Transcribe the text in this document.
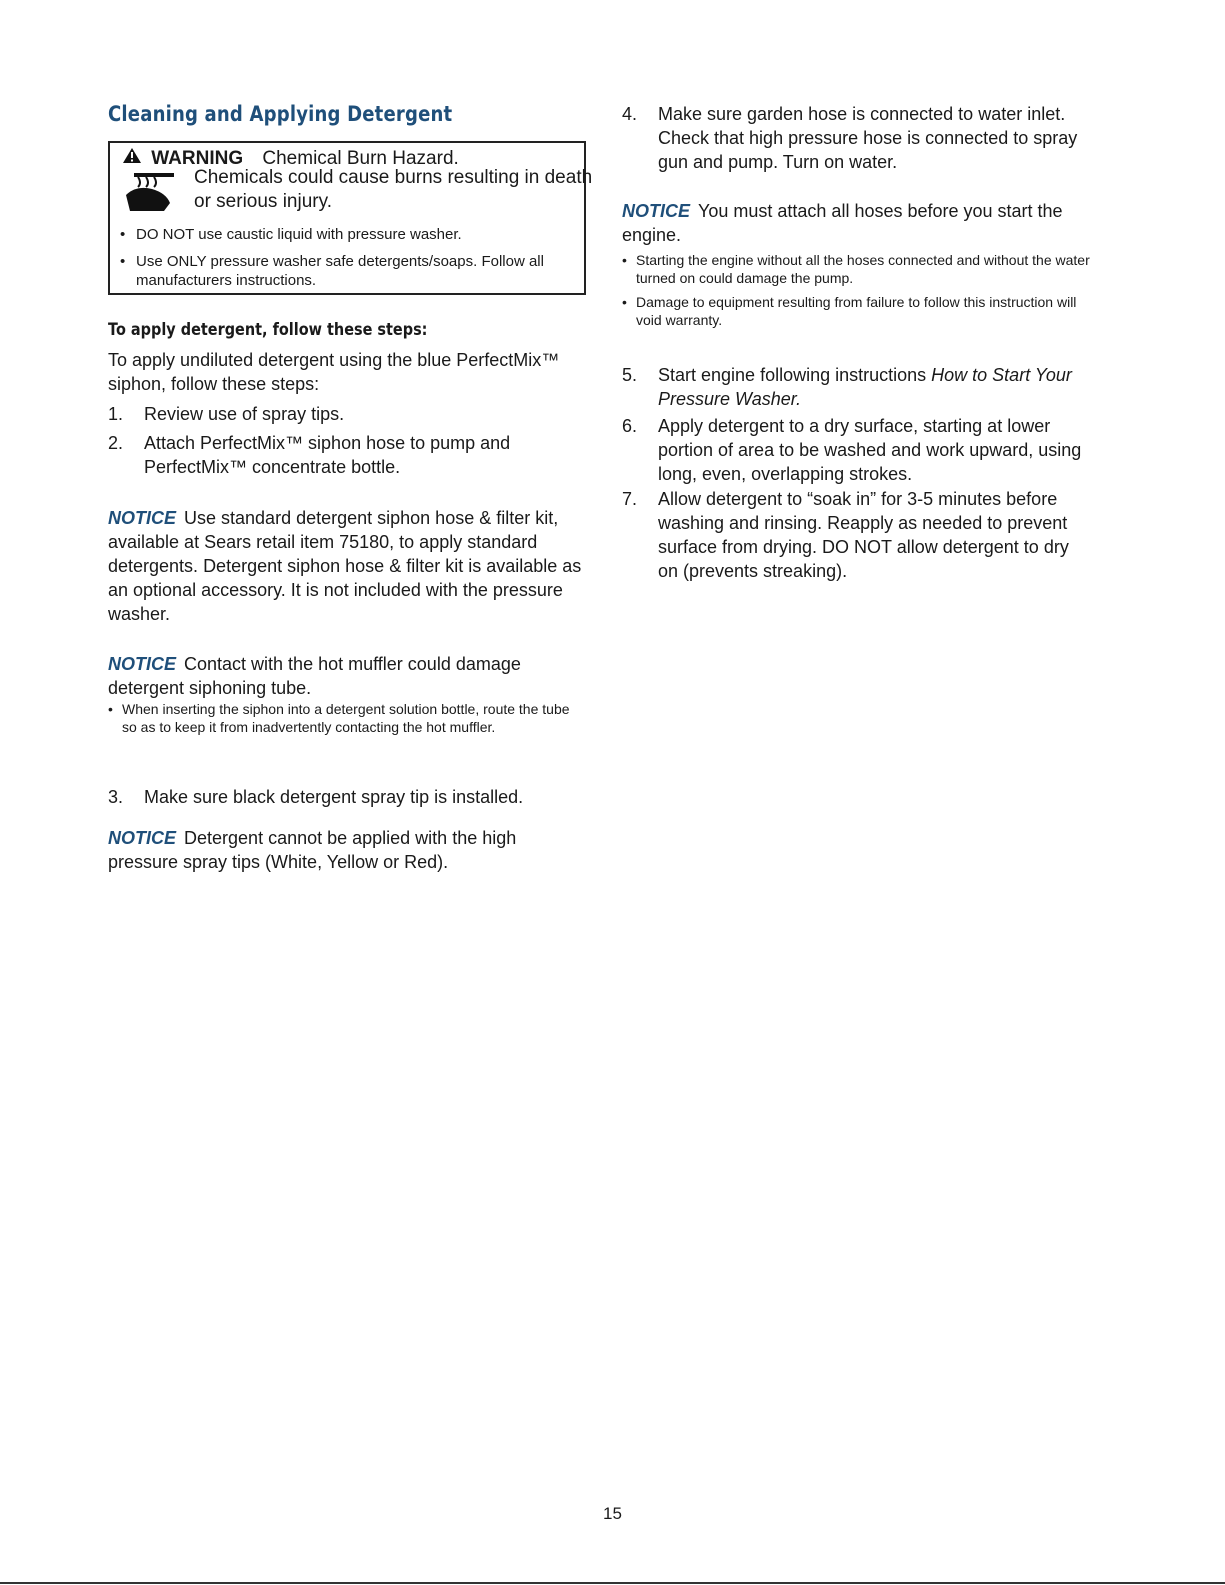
Cleaning and Applying Detergent
WARNING Chemical Burn Hazard.
Chemicals could cause burns resulting in death
or serious injury.
• DO NOT use caustic liquid with pressure washer.
• Use ONLY pressure washer safe detergents/soaps. Follow all manufacturers instructions.
To apply detergent, follow these steps:

To apply undiluted detergent using the blue PerfectMix™ siphon, follow these steps:

1. Review use of spray tips.
2. Attach PerfectMix™ siphon hose to pump and PerfectMix™ concentrate bottle.

NOTICE Use standard detergent siphon hose & filter kit, available at Sears retail item 75180, to apply standard detergents. Detergent siphon hose & filter kit is available as an optional accessory. It is not included with the pressure washer.

NOTICE Contact with the hot muffler could damage detergent siphoning tube.

• When inserting the siphon into a detergent solution bottle, route the tube so as to keep it from inadvertently contacting the hot muffler.
3. Make sure black detergent spray tip is installed.

NOTICE Detergent cannot be applied with the high pressure spray tips (White, Yellow or Red).

4. Make sure garden hose is connected to water inlet. Check that high pressure hose is connected to spray gun and pump. Turn on water.

NOTICE You must attach all hoses before you start the engine.

• Starting the engine without all the hoses connected and without the water turned on could damage the pump.
• Damage to equipment resulting from failure to follow this instruction will void warranty.
5. Start engine following instructions How to Start Your Pressure Washer.
6. Apply detergent to a dry surface, starting at lower portion of area to be washed and work upward, using long, even, overlapping strokes.
7. Allow detergent to “soak in” for 3-5 minutes before washing and rinsing. Reapply as needed to prevent surface from drying. DO NOT allow detergent to dry on (prevents streaking).
15
